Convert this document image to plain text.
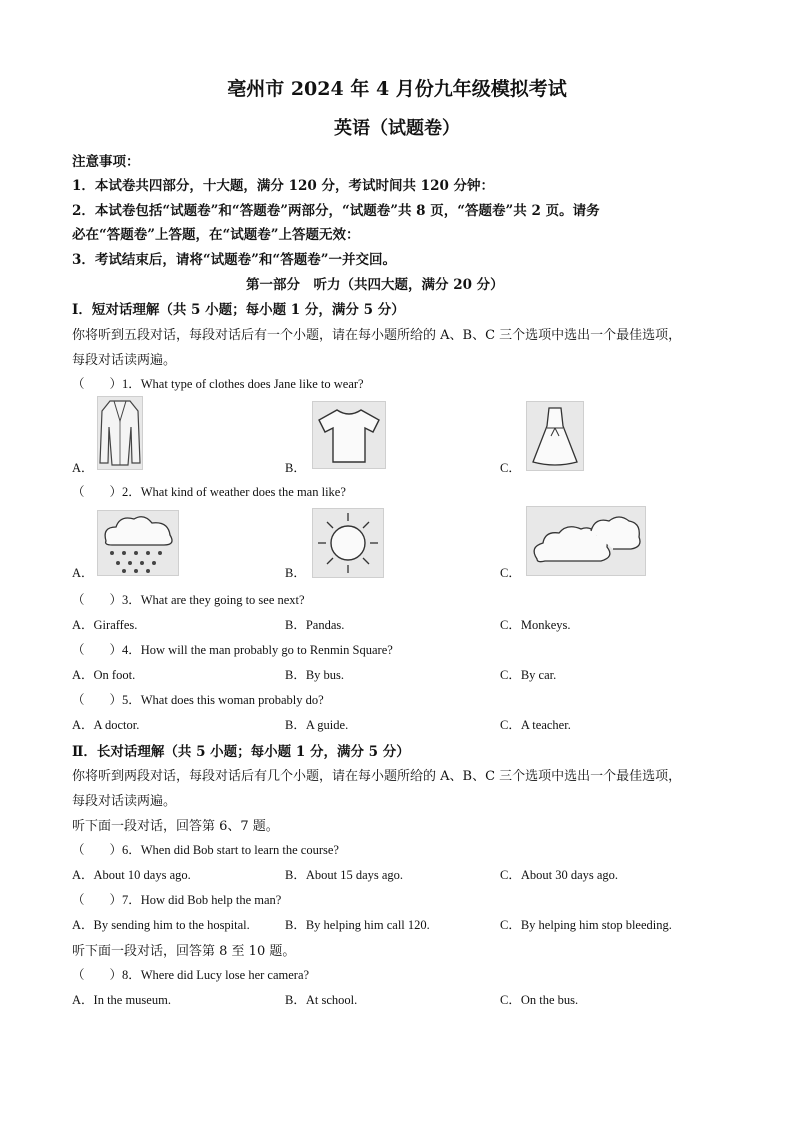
亳州市 2024 年 4 月份九年级模拟考试
英语（试题卷）
注意事项：
1．本试卷共四部分，十大题，满分 120 分，考试时间共 120 分钟：
2．本试卷包括“试题卷”和“答题卷”两部分，“试题卷”共 8 页，“答题卷”共 2 页。请务
必在“答题卷”上答题，在“试题卷”上答题无效：
3．考试结束后，请将“试题卷”和“答题卷”一并交回。
第一部分　听力（共四大题，满分 20 分）
Ⅰ．短对话理解（共 5 小题；每小题 1 分，满分 5 分）
你将听到五段对话，每段对话后有一个小题，请在每小题所给的 A、B、C 三个选项中选出一个最佳选项，
每段对话读两遍。
（　　）1．What type of clothes does Jane like to wear?
A．	B．	C．
（　　）2．What kind of weather does the man like?
A．	B．	C．
（　　）3．What are they going to see next?
A．Giraffes.	B．Pandas.	C．Monkeys.
（　　）4．How will the man probably go to Renmin Square?
A．On foot.	B．By bus.	C．By car.
（　　）5．What does this woman probably do?
A．A doctor.	B．A guide.	C．A teacher.
Ⅱ．长对话理解（共 5 小题；每小题 1 分，满分 5 分）
你将听到两段对话，每段对话后有几个小题，请在每小题所给的 A、B、C 三个选项中选出一个最佳选项，
每段对话读两遍。
听下面一段对话，回答第 6、7 题。
（　　）6．When did Bob start to learn the course?
A．About 10 days ago.	B．About 15 days ago.	C．About 30 days ago.
（　　）7．How did Bob help the man?
A．By sending him to the hospital.	B．By helping him call 120.	C．By helping him stop bleeding.
听下面一段对话，回答第 8 至 10 题。
（　　）8．Where did Lucy lose her camera?
A．In the museum.	B．At school.	C．On the bus.
